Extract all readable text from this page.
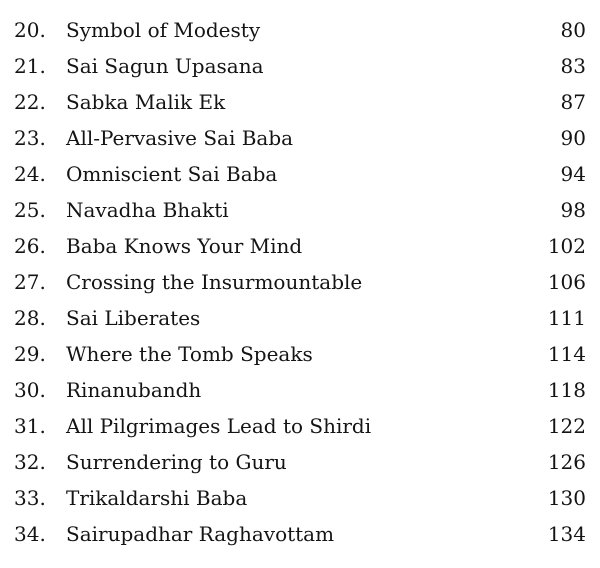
20. Symbol of Modesty	80
21. Sai Sagun Upasana	83
22. Sabka Malik Ek	87
23. All-Pervasive Sai Baba	90
24. Omniscient Sai Baba	94
25. Navadha Bhakti	98
26. Baba Knows Your Mind	102
27. Crossing the Insurmountable	106
28. Sai Liberates	111
29. Where the Tomb Speaks	114
30. Rinanubandh	118
31. All Pilgrimages Lead to Shirdi	122
32. Surrendering to Guru	126
33. Trikaldarshi Baba	130
34. Sairupadhar Raghavottam	134
